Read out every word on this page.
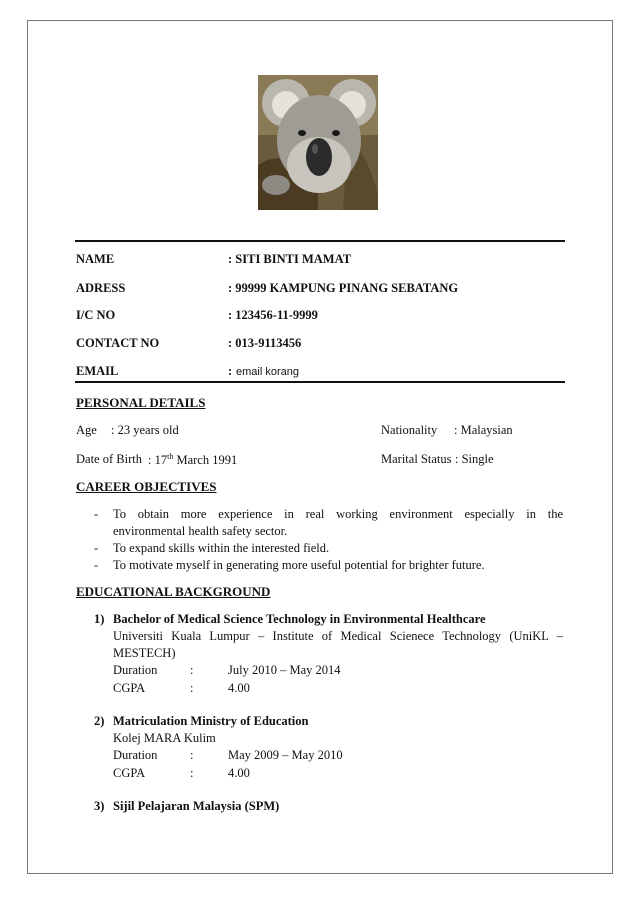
NAME	: SITI BINTI MAMAT
ADRESS	: 99999 KAMPUNG PINANG SEBATANG
I/C NO	: 123456-11-9999
CONTACT NO	: 013-9113456
EMAIL	: email korang
PERSONAL DETAILS
Age : 23 years old	Nationality : Malaysian
Date of Birth : 17th March 1991	Marital Status : Single
CAREER OBJECTIVES
- To obtain more experience in real working environment especially in the
environmental health safety sector.
- To expand skills within the interested field.
- To motivate myself in generating more useful potential for brighter future.
EDUCATIONAL BACKGROUND
1) Bachelor of Medical Science Technology in Environmental Healthcare
Universiti Kuala Lumpur – Institute of Medical Scienece Technology (UniKL –
MESTECH)
Duration	:	July 2010 – May 2014
CGPA	:	4.00
2) Matriculation Ministry of Education
Kolej MARA Kulim
Duration	:	May 2009 – May 2010
CGPA	:	4.00
3) Sijil Pelajaran Malaysia (SPM)
